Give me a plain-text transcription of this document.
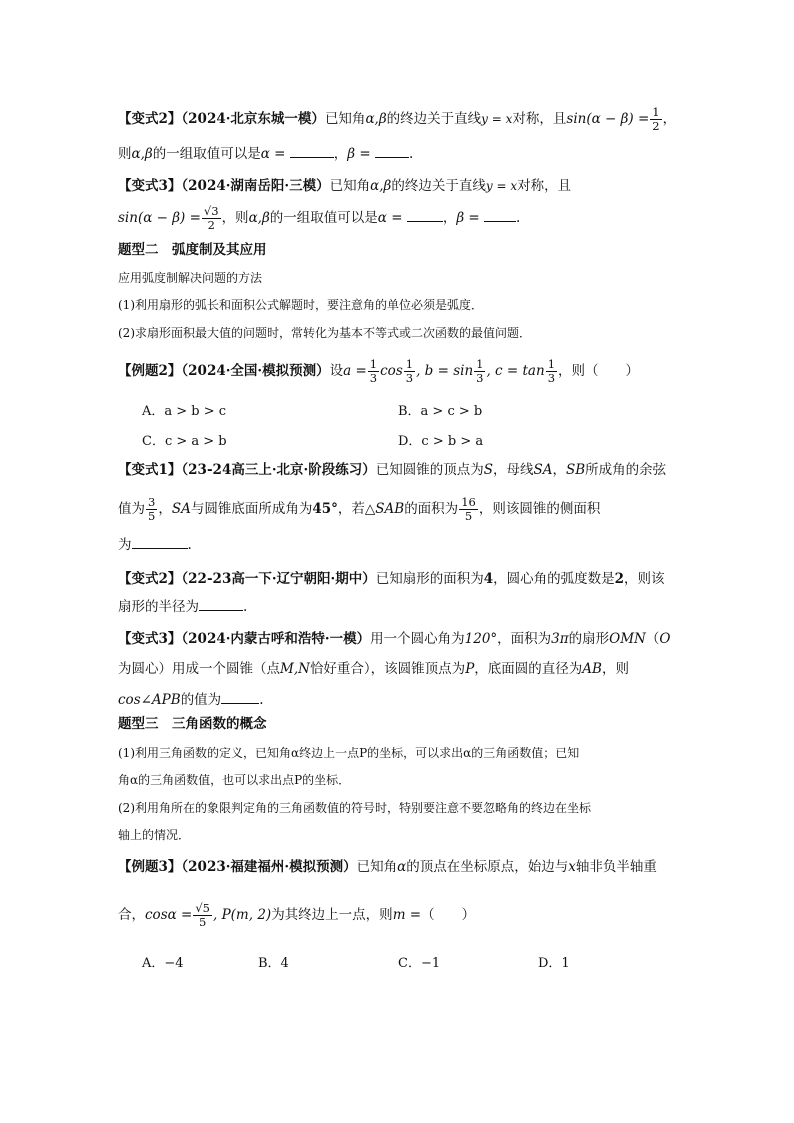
【变式2】（2024·北京东城一模）已知角α,β的终边关于直线y = x对称，且$\sin(\alpha - \beta) = \frac{1}{2}$ ，
则α,β的一组取值可以是α =	，β =	.
【变式3】（2024·湖南岳阳·三模）已知角α,β的终边关于直线y = x对称，且
$\sin(\alpha - \beta) = \frac{√3}{2}$ ，则α,β的一组取值可以是α =	，β =	.
题型二　弧度制及其应用
应用弧度制解决问题的方法
(1)利用扇形的弧长和面积公式解题时，要注意角的单位必须是弧度．
(2)求扇形面积最大值的问题时，常转化为基本不等式或二次函数的最值问题．
【例题2】（2024·全国·模拟预测）设$a = \frac{1}{3}$ $\cos \frac{1}{3}$ , $b = \sin \frac{1}{3}$ , $c = \tan \frac{1}{3}$ ，则（　　）
A．a > b > c	B．a > c > b
C．c > a > b	D．c > b > a
【变式1】（23-24高三上·北京·阶段练习）已知圆锥的顶点为S，母线SA，SB所成角的余弦
值为 $\frac{3}{5}$ ，SA与圆锥底面所成角为45°，若△SAB的面积为 $\frac{16}{5}$ ，则该圆锥的侧面积
为	.
【变式2】（22-23高一下·辽宁朝阳·期中）已知扇形的面积为4，圆心角的弧度数是2，则该
扇形的半径为	.
【变式3】（2024·内蒙古呼和浩特·一模）用一个圆心角为120°，面积为3π的扇形OMN（O
为圆心）用成一个圆锥（点M,N恰好重合），该圆锥顶点为P，底面圆的直径为AB，则
cos∠APB的值为	.
题型三　三角函数的概念
(1)利用三角函数的定义，已知角α终边上一点P的坐标，可以求出α的三角函数值；已知
角α的三角函数值，也可以求出点P的坐标．
(2)利用角所在的象限判定角的三角函数值的符号时，特别要注意不要忽略角的终边在坐标
轴上的情况．
【例题3】（2023·福建福州·模拟预测）已知角α的顶点在坐标原点，始边与x轴非负半轴重
合，$\cos\alpha = \frac{√5}{5}$ , P(m, 2)为其终边上一点，则m =（　　）
A．−4	B．4	C．−1	D．1
